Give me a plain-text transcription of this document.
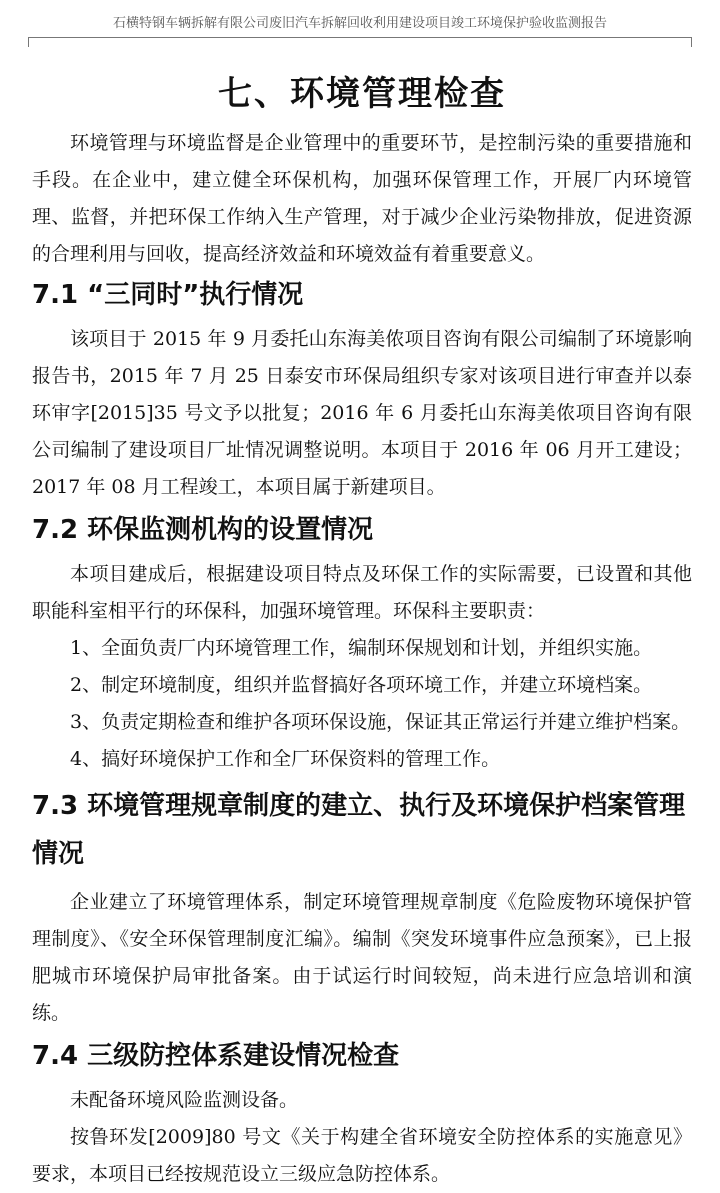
石横特钢车辆拆解有限公司废旧汽车拆解回收利用建设项目竣工环境保护验收监测报告
七、环境管理检查

环境管理与环境监督是企业管理中的重要环节，是控制污染的重要措施和手段。在企业中，建立健全环保机构，加强环保管理工作，开展厂内环境管理、监督，并把环保工作纳入生产管理，对于减少企业污染物排放，促进资源的合理利用与回收，提高经济效益和环境效益有着重要意义。

7.1 “三同时”执行情况

该项目于 2015 年 9 月委托山东海美侬项目咨询有限公司编制了环境影响报告书，2015 年 7 月 25 日泰安市环保局组织专家对该项目进行审查并以泰环审字[2015]35 号文予以批复；2016 年 6 月委托山东海美侬项目咨询有限公司编制了建设项目厂址情况调整说明。本项目于 2016 年 06 月开工建设；2017 年 08 月工程竣工，本项目属于新建项目。

7.2 环保监测机构的设置情况

本项目建成后，根据建设项目特点及环保工作的实际需要，已设置和其他职能科室相平行的环保科，加强环境管理。环保科主要职责：

1、全面负责厂内环境管理工作，编制环保规划和计划，并组织实施。

2、制定环境制度，组织并监督搞好各项环境工作，并建立环境档案。

3、负责定期检查和维护各项环保设施，保证其正常运行并建立维护档案。

4、搞好环境保护工作和全厂环保资料的管理工作。

7.3 环境管理规章制度的建立、执行及环境保护档案管理情况

企业建立了环境管理体系，制定环境管理规章制度《危险废物环境保护管理制度》、《安全环保管理制度汇编》。编制《突发环境事件应急预案》，已上报肥城市环境保护局审批备案。由于试运行时间较短，尚未进行应急培训和演练。

7.4 三级防控体系建设情况检查

未配备环境风险监测设备。

按鲁环发[2009]80 号文《关于构建全省环境安全防控体系的实施意见》要求，本项目已经按规范设立三级应急防控体系。
